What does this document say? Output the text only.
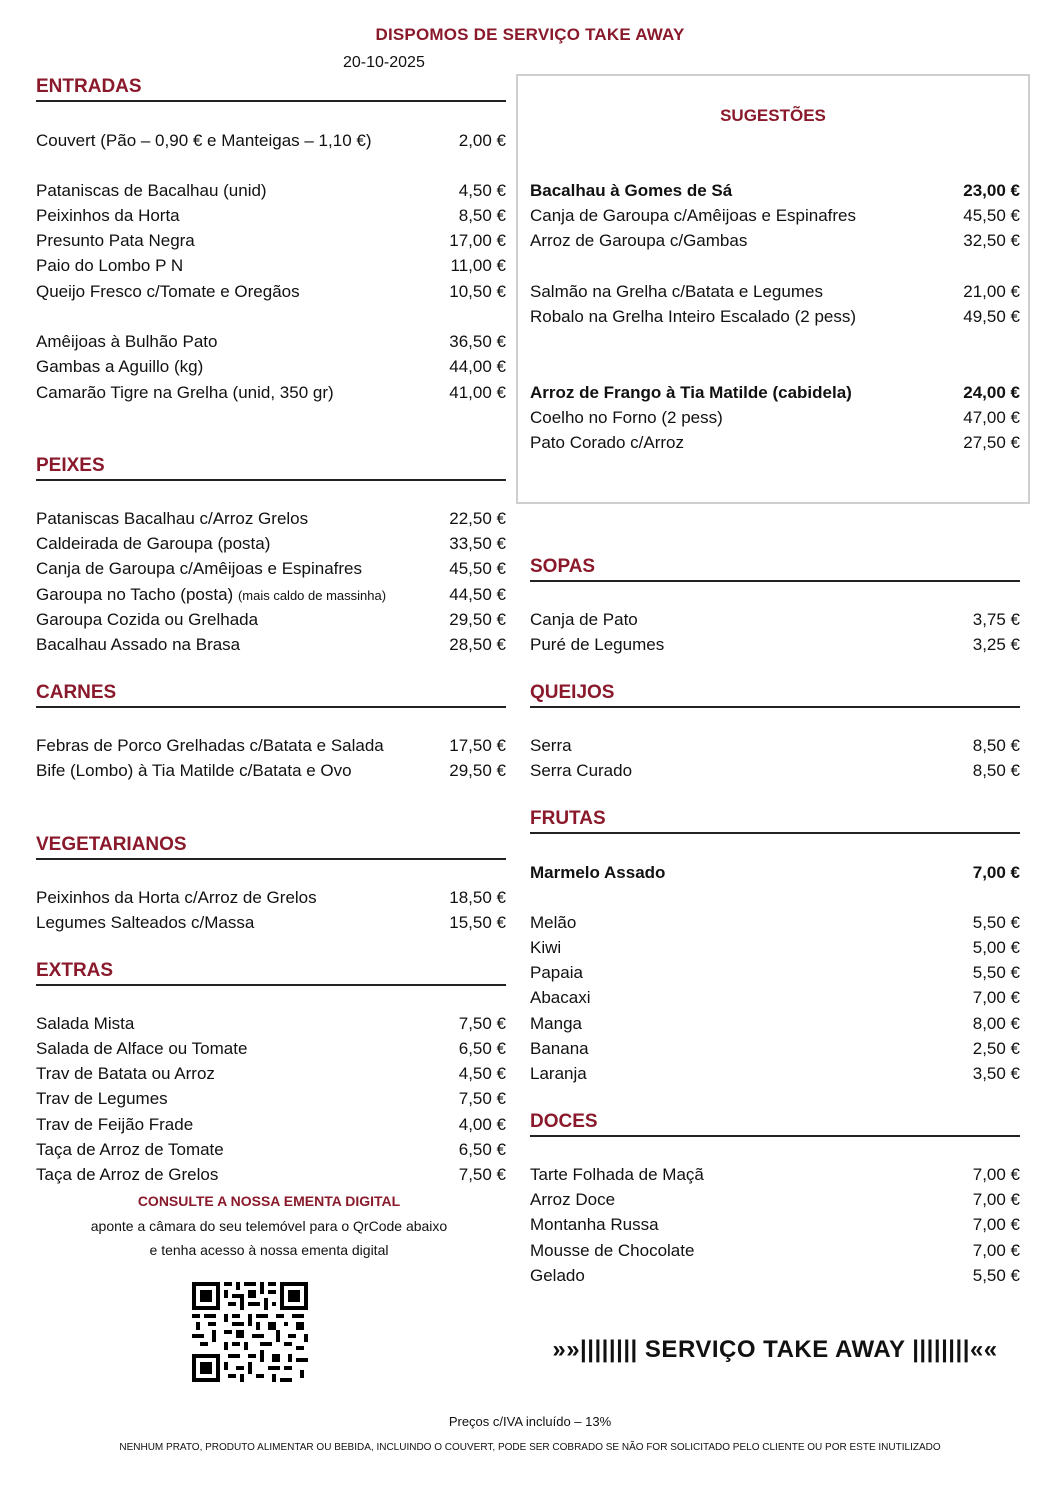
DISPOMOS DE SERVIÇO TAKE AWAY
20-10-2025
ENTRADAS
Couvert (Pão – 0,90 € e Manteigas – 1,10 €)	2,00 €
Pataniscas de Bacalhau (unid)	4,50 €
Peixinhos da Horta	8,50 €
Presunto Pata Negra	17,00 €
Paio do Lombo P N	11,00 €
Queijo Fresco c/Tomate e Oregãos	10,50 €
Amêijoas à Bulhão Pato	36,50 €
Gambas a Aguillo (kg)	44,00 €
Camarão Tigre na Grelha (unid, 350 gr)	41,00 €
PEIXES
Pataniscas Bacalhau c/Arroz Grelos	22,50 €
Caldeirada de Garoupa (posta)	33,50 €
Canja de Garoupa c/Amêijoas e Espinafres	45,50 €
Garoupa no Tacho (posta) (mais caldo de massinha)	44,50 €
Garoupa Cozida ou Grelhada	29,50 €
Bacalhau Assado na Brasa	28,50 €
CARNES
Febras de Porco Grelhadas c/Batata e Salada	17,50 €
Bife (Lombo) à Tia Matilde c/Batata e Ovo	29,50 €
VEGETARIANOS
Peixinhos da Horta c/Arroz de Grelos	18,50 €
Legumes Salteados c/Massa	15,50 €
EXTRAS
Salada Mista	7,50 €
Salada de Alface ou Tomate	6,50 €
Trav de Batata ou Arroz	4,50 €
Trav de Legumes	7,50 €
Trav de Feijão Frade	4,00 €
Taça de Arroz de Tomate	6,50 €
Taça de Arroz de Grelos	7,50 €
CONSULTE A NOSSA EMENTA DIGITAL
aponte a câmara do seu telemóvel para o QrCode abaixo
e tenha acesso à nossa ementa digital
SUGESTÕES
Bacalhau à Gomes de Sá	23,00 €
Canja de Garoupa c/Amêijoas e Espinafres	45,50 €
Arroz de Garoupa c/Gambas	32,50 €
Salmão na Grelha c/Batata e Legumes	21,00 €
Robalo na Grelha Inteiro Escalado (2 pess)	49,50 €
Arroz de Frango à Tia Matilde (cabidela)	24,00 €
Coelho no Forno (2 pess)	47,00 €
Pato Corado c/Arroz	27,50 €
SOPAS
Canja de Pato	3,75 €
Puré de Legumes	3,25 €
QUEIJOS
Serra	8,50 €
Serra Curado	8,50 €
FRUTAS
Marmelo Assado	7,00 €
Melão	5,50 €
Kiwi	5,00 €
Papaia	5,50 €
Abacaxi	7,00 €
Manga	8,00 €
Banana	2,50 €
Laranja	3,50 €
DOCES
Tarte Folhada de Maçã	7,00 €
Arroz Doce	7,00 €
Montanha Russa	7,00 €
Mousse de Chocolate	7,00 €
Gelado	5,50 €
»»|||||||| SERVIÇO TAKE AWAY ||||||||««
Preços c/IVA incluído – 13%
NENHUM PRATO, PRODUTO ALIMENTAR OU BEBIDA, INCLUINDO O COUVERT, PODE SER COBRADO SE NÃO FOR SOLICITADO PELO CLIENTE OU POR ESTE INUTILIZADO
